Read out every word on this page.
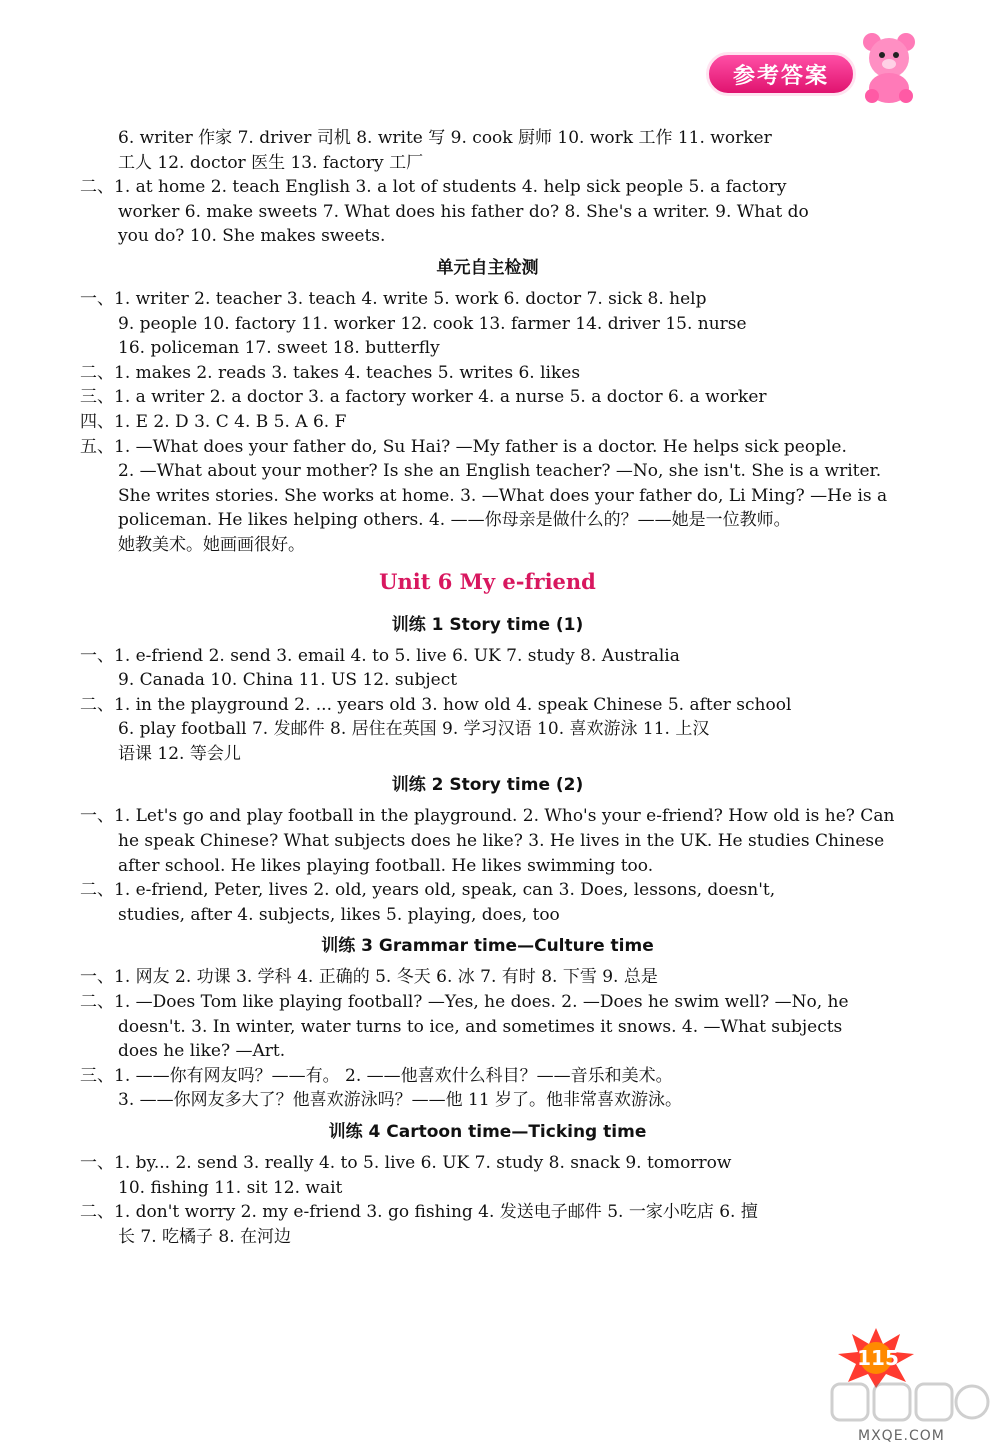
参考答案
6. writer 作家 7. driver 司机 8. write 写 9. cook 厨师 10. work 工作 11. worker
工人 12. doctor 医生 13. factory 工厂
二、1. at home 2. teach English 3. a lot of students 4. help sick people 5. a factory
worker 6. make sweets 7. What does his father do? 8. She's a writer. 9. What do
you do? 10. She makes sweets.
单元自主检测
一、1. writer 2. teacher 3. teach 4. write 5. work 6. doctor 7. sick 8. help
9. people 10. factory 11. worker 12. cook 13. farmer 14. driver 15. nurse
16. policeman 17. sweet 18. butterfly
二、1. makes 2. reads 3. takes 4. teaches 5. writes 6. likes
三、1. a writer 2. a doctor 3. a factory worker 4. a nurse 5. a doctor 6. a worker
四、1. E 2. D 3. C 4. B 5. A 6. F
五、1. —What does your father do, Su Hai? —My father is a doctor. He helps sick people.
2. —What about your mother? Is she an English teacher? —No, she isn't. She is a writer.
She writes stories. She works at home. 3. —What does your father do, Li Ming? —He is a
policeman. He likes helping others. 4. ——你母亲是做什么的？——她是一位教师。
她教美术。她画画很好。
Unit 6 My e-friend
训练 1 Story time (1)
一、1. e-friend 2. send 3. email 4. to 5. live 6. UK 7. study 8. Australia
9. Canada 10. China 11. US 12. subject
二、1. in the playground 2. ... years old 3. how old 4. speak Chinese 5. after school
6. play football 7. 发邮件 8. 居住在英国 9. 学习汉语 10. 喜欢游泳 11. 上汉
语课 12. 等会儿
训练 2 Story time (2)
一、1. Let's go and play football in the playground. 2. Who's your e-friend? How old is he? Can
he speak Chinese? What subjects does he like? 3. He lives in the UK. He studies Chinese
after school. He likes playing football. He likes swimming too.
二、1. e-friend, Peter, lives 2. old, years old, speak, can 3. Does, lessons, doesn't,
studies, after 4. subjects, likes 5. playing, does, too
训练 3 Grammar time—Culture time
一、1. 网友 2. 功课 3. 学科 4. 正确的 5. 冬天 6. 冰 7. 有时 8. 下雪 9. 总是
二、1. —Does Tom like playing football? —Yes, he does. 2. —Does he swim well? —No, he
doesn't. 3. In winter, water turns to ice, and sometimes it snows. 4. —What subjects
does he like? —Art.
三、1. ——你有网友吗？——有。 2. ——他喜欢什么科目？——音乐和美术。
3. ——你网友多大了？他喜欢游泳吗？——他 11 岁了。他非常喜欢游泳。
训练 4 Cartoon time—Ticking time
一、1. by... 2. send 3. really 4. to 5. live 6. UK 7. study 8. snack 9. tomorrow
10. fishing 11. sit 12. wait
二、1. don't worry 2. my e-friend 3. go fishing 4. 发送电子邮件 5. 一家小吃店 6. 擅
长 7. 吃橘子 8. 在河边
115
MXQE.COM
